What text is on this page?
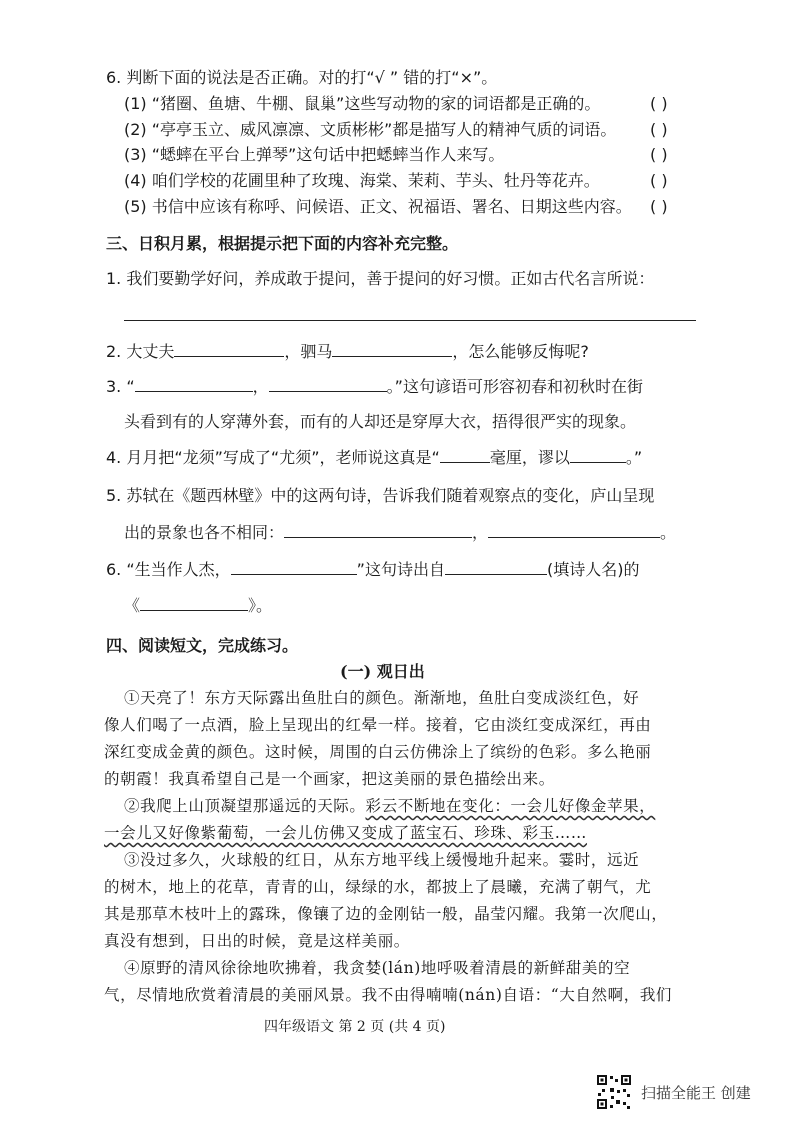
6. 判断下面的说法是否正确。对的打“√ ” 错的打“×”。
(1) “猪圈、鱼塘、牛棚、鼠巢”这些写动物的家的词语都是正确的。	( )
(2) “亭亭玉立、威风凛凛、文质彬彬”都是描写人的精神气质的词语。 ( )
(3) “蟋蟀在平台上弹琴”这句话中把蟋蟀当作人来写。	( )
(4) 咱们学校的花圃里种了玫瑰、海棠、茉莉、芋头、牡丹等花卉。	( )
(5) 书信中应该有称呼、问候语、正文、祝福语、署名、日期这些内容。 ( )
三、日积月累，根据提示把下面的内容补充完整。
1. 我们要勤学好问，养成敢于提问，善于提问的好习惯。正如古代名言所说：
2. 大丈夫	，驷马	，怎么能够反悔呢?
3. “	，	。”这句谚语可形容初春和初秋时在街
头看到有的人穿薄外套，而有的人却还是穿厚大衣，捂得很严实的现象。
4. 月月把“龙须”写成了“尤须”，老师说这真是“	毫厘，谬以	。”
5. 苏轼在《题西林壁》中的这两句诗，告诉我们随着观察点的变化，庐山呈现
出的景象也各不相同：	，	。
6. “生当作人杰，	”这句诗出自	(填诗人名)的
《	》。
四、阅读短文，完成练习。
(一) 观日出
①天亮了！东方天际露出鱼肚白的颜色。渐渐地，鱼肚白变成淡红色，好
像人们喝了一点酒，脸上呈现出的红晕一样。接着，它由淡红变成深红，再由
深红变成金黄的颜色。这时候，周围的白云仿佛涂上了缤纷的色彩。多么艳丽
的朝霞！我真希望自己是一个画家，把这美丽的景色描绘出来。
②我爬上山顶凝望那遥远的天际。彩云不断地在变化：一会儿好像金苹果，
一会儿又好像紫葡萄，一会儿仿佛又变成了蓝宝石、珍珠、彩玉……
③没过多久，火球般的红日，从东方地平线上缓慢地升起来。霎时，远近
的树木，地上的花草，青青的山，绿绿的水，都披上了晨曦，充满了朝气，尤
其是那草木枝叶上的露珠，像镶了边的金刚钻一般，晶莹闪耀。我第一次爬山，
真没有想到，日出的时候，竟是这样美丽。
④原野的清风徐徐地吹拂着，我贪婪(lán)地呼吸着清晨的新鲜甜美的空
气，尽情地欣赏着清晨的美丽风景。我不由得喃喃(nán)自语：“大自然啊，我们
四年级语文 第 2 页 (共 4 页)
扫描全能王 创建
